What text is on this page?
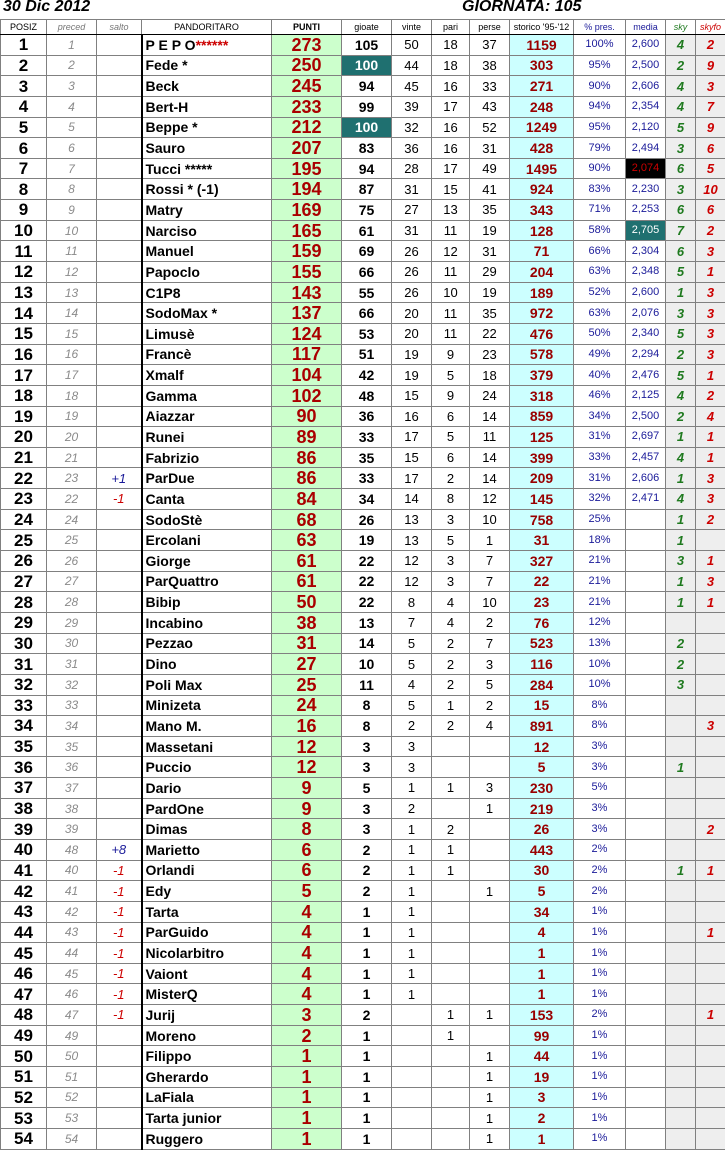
30 Dic 2012	GIORNATA: 105
POSIZ	preced	salto	PANDORITARO	PUNTI	gioate	vinte	pari	perse	storico '95-'12	% pres.	media	sky	skyfo
1	1		P E P O******	273	105	50	18	37	1159	100%	2,600	4	2
2	2		Fede *	250	100	44	18	38	303	95%	2,500	2	9
3	3		Beck	245	94	45	16	33	271	90%	2,606	4	3
4	4		Bert-H	233	99	39	17	43	248	94%	2,354	4	7
5	5		Beppe *	212	100	32	16	52	1249	95%	2,120	5	9
6	6		Sauro	207	83	36	16	31	428	79%	2,494	3	6
7	7		Tucci *****	195	94	28	17	49	1495	90%	2,074	6	5
8	8		Rossi * (-1)	194	87	31	15	41	924	83%	2,230	3	10
9	9		Matry	169	75	27	13	35	343	71%	2,253	6	6
10	10		Narciso	165	61	31	11	19	128	58%	2,705	7	2
11	11		Manuel	159	69	26	12	31	71	66%	2,304	6	3
12	12		Papoclo	155	66	26	11	29	204	63%	2,348	5	1
13	13		C1P8	143	55	26	10	19	189	52%	2,600	1	3
14	14		SodoMax *	137	66	20	11	35	972	63%	2,076	3	3
15	15		Limusè	124	53	20	11	22	476	50%	2,340	5	3
16	16		Francè	117	51	19	9	23	578	49%	2,294	2	3
17	17		Xmalf	104	42	19	5	18	379	40%	2,476	5	1
18	18		Gamma	102	48	15	9	24	318	46%	2,125	4	2
19	19		Aiazzar	90	36	16	6	14	859	34%	2,500	2	4
20	20		Runei	89	33	17	5	11	125	31%	2,697	1	1
21	21		Fabrizio	86	35	15	6	14	399	33%	2,457	4	1
22	23	+1	ParDue	86	33	17	2	14	209	31%	2,606	1	3
23	22	-1	Canta	84	34	14	8	12	145	32%	2,471	4	3
24	24		SodoStè	68	26	13	3	10	758	25%		1	2
25	25		Ercolani	63	19	13	5	1	31	18%		1	
26	26		Giorge	61	22	12	3	7	327	21%		3	1
27	27		ParQuattro	61	22	12	3	7	22	21%		1	3
28	28		Bibip	50	22	8	4	10	23	21%		1	1
29	29		Incabino	38	13	7	4	2	76	12%			
30	30		Pezzao	31	14	5	2	7	523	13%		2	
31	31		Dino	27	10	5	2	3	116	10%		2	
32	32		Poli Max	25	11	4	2	5	284	10%		3	
33	33		Minizeta	24	8	5	1	2	15	8%			
34	34		Mano M.	16	8	2	2	4	891	8%			3
35	35		Massetani	12	3	3			12	3%			
36	36		Puccio	12	3	3			5	3%		1	
37	37		Dario	9	5	1	1	3	230	5%			
38	38		PardOne	9	3	2		1	219	3%			
39	39		Dimas	8	3	1	2		26	3%			2
40	48	+8	Marietto	6	2	1	1		443	2%			
41	40	-1	Orlandi	6	2	1	1		30	2%		1	1
42	41	-1	Edy	5	2	1		1	5	2%			
43	42	-1	Tarta	4	1	1			34	1%			
44	43	-1	ParGuido	4	1	1			4	1%			1
45	44	-1	Nicolarbitro	4	1	1			1	1%			
46	45	-1	Vaiont	4	1	1			1	1%			
47	46	-1	MisterQ	4	1	1			1	1%			
48	47	-1	Jurij	3	2		1	1	153	2%			1
49	49		Moreno	2	1		1		99	1%			
50	50		Filippo	1	1			1	44	1%			
51	51		Gherardo	1	1			1	19	1%			
52	52		LaFiala	1	1			1	3	1%			
53	53		Tarta junior	1	1			1	2	1%			
54	54		Ruggero	1	1			1	1	1%			
